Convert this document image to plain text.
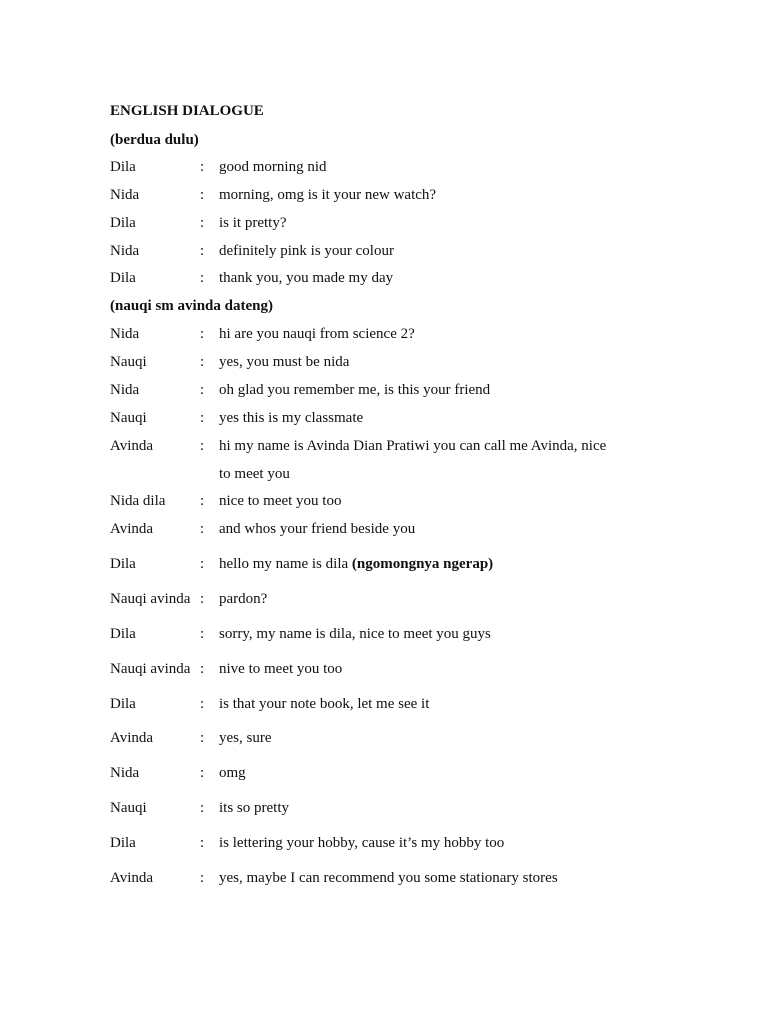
ENGLISH DIALOGUE
(berdua dulu)
Dila	: good morning nid
Nida	: morning, omg is it your new watch?
Dila	: is it pretty?
Nida	: definitely pink is your colour
Dila	: thank you, you made my day
(nauqi sm avinda dateng)
Nida	: hi are you nauqi from science 2?
Nauqi	: yes, you must be nida
Nida	: oh glad you remember me, is this your friend
Nauqi	: yes this is my classmate
Avinda	: hi my name is Avinda Dian Pratiwi you can call me Avinda, nice
to meet you
Nida dila : nice to meet you too
Avinda	: and whos your friend beside you
Dila	: hello my name is dila (ngomongnya ngerap)
Nauqi avinda : pardon?
Dila	: sorry, my name is dila, nice to meet you guys
Nauqi avinda : nive to meet you too
Dila	: is that your note book, let me see it
Avinda	: yes, sure
Nida	: omg
Nauqi	: its so pretty
Dila	: is lettering your hobby, cause it’s my hobby too
Avinda	: yes, maybe I can recommend you some stationary stores
